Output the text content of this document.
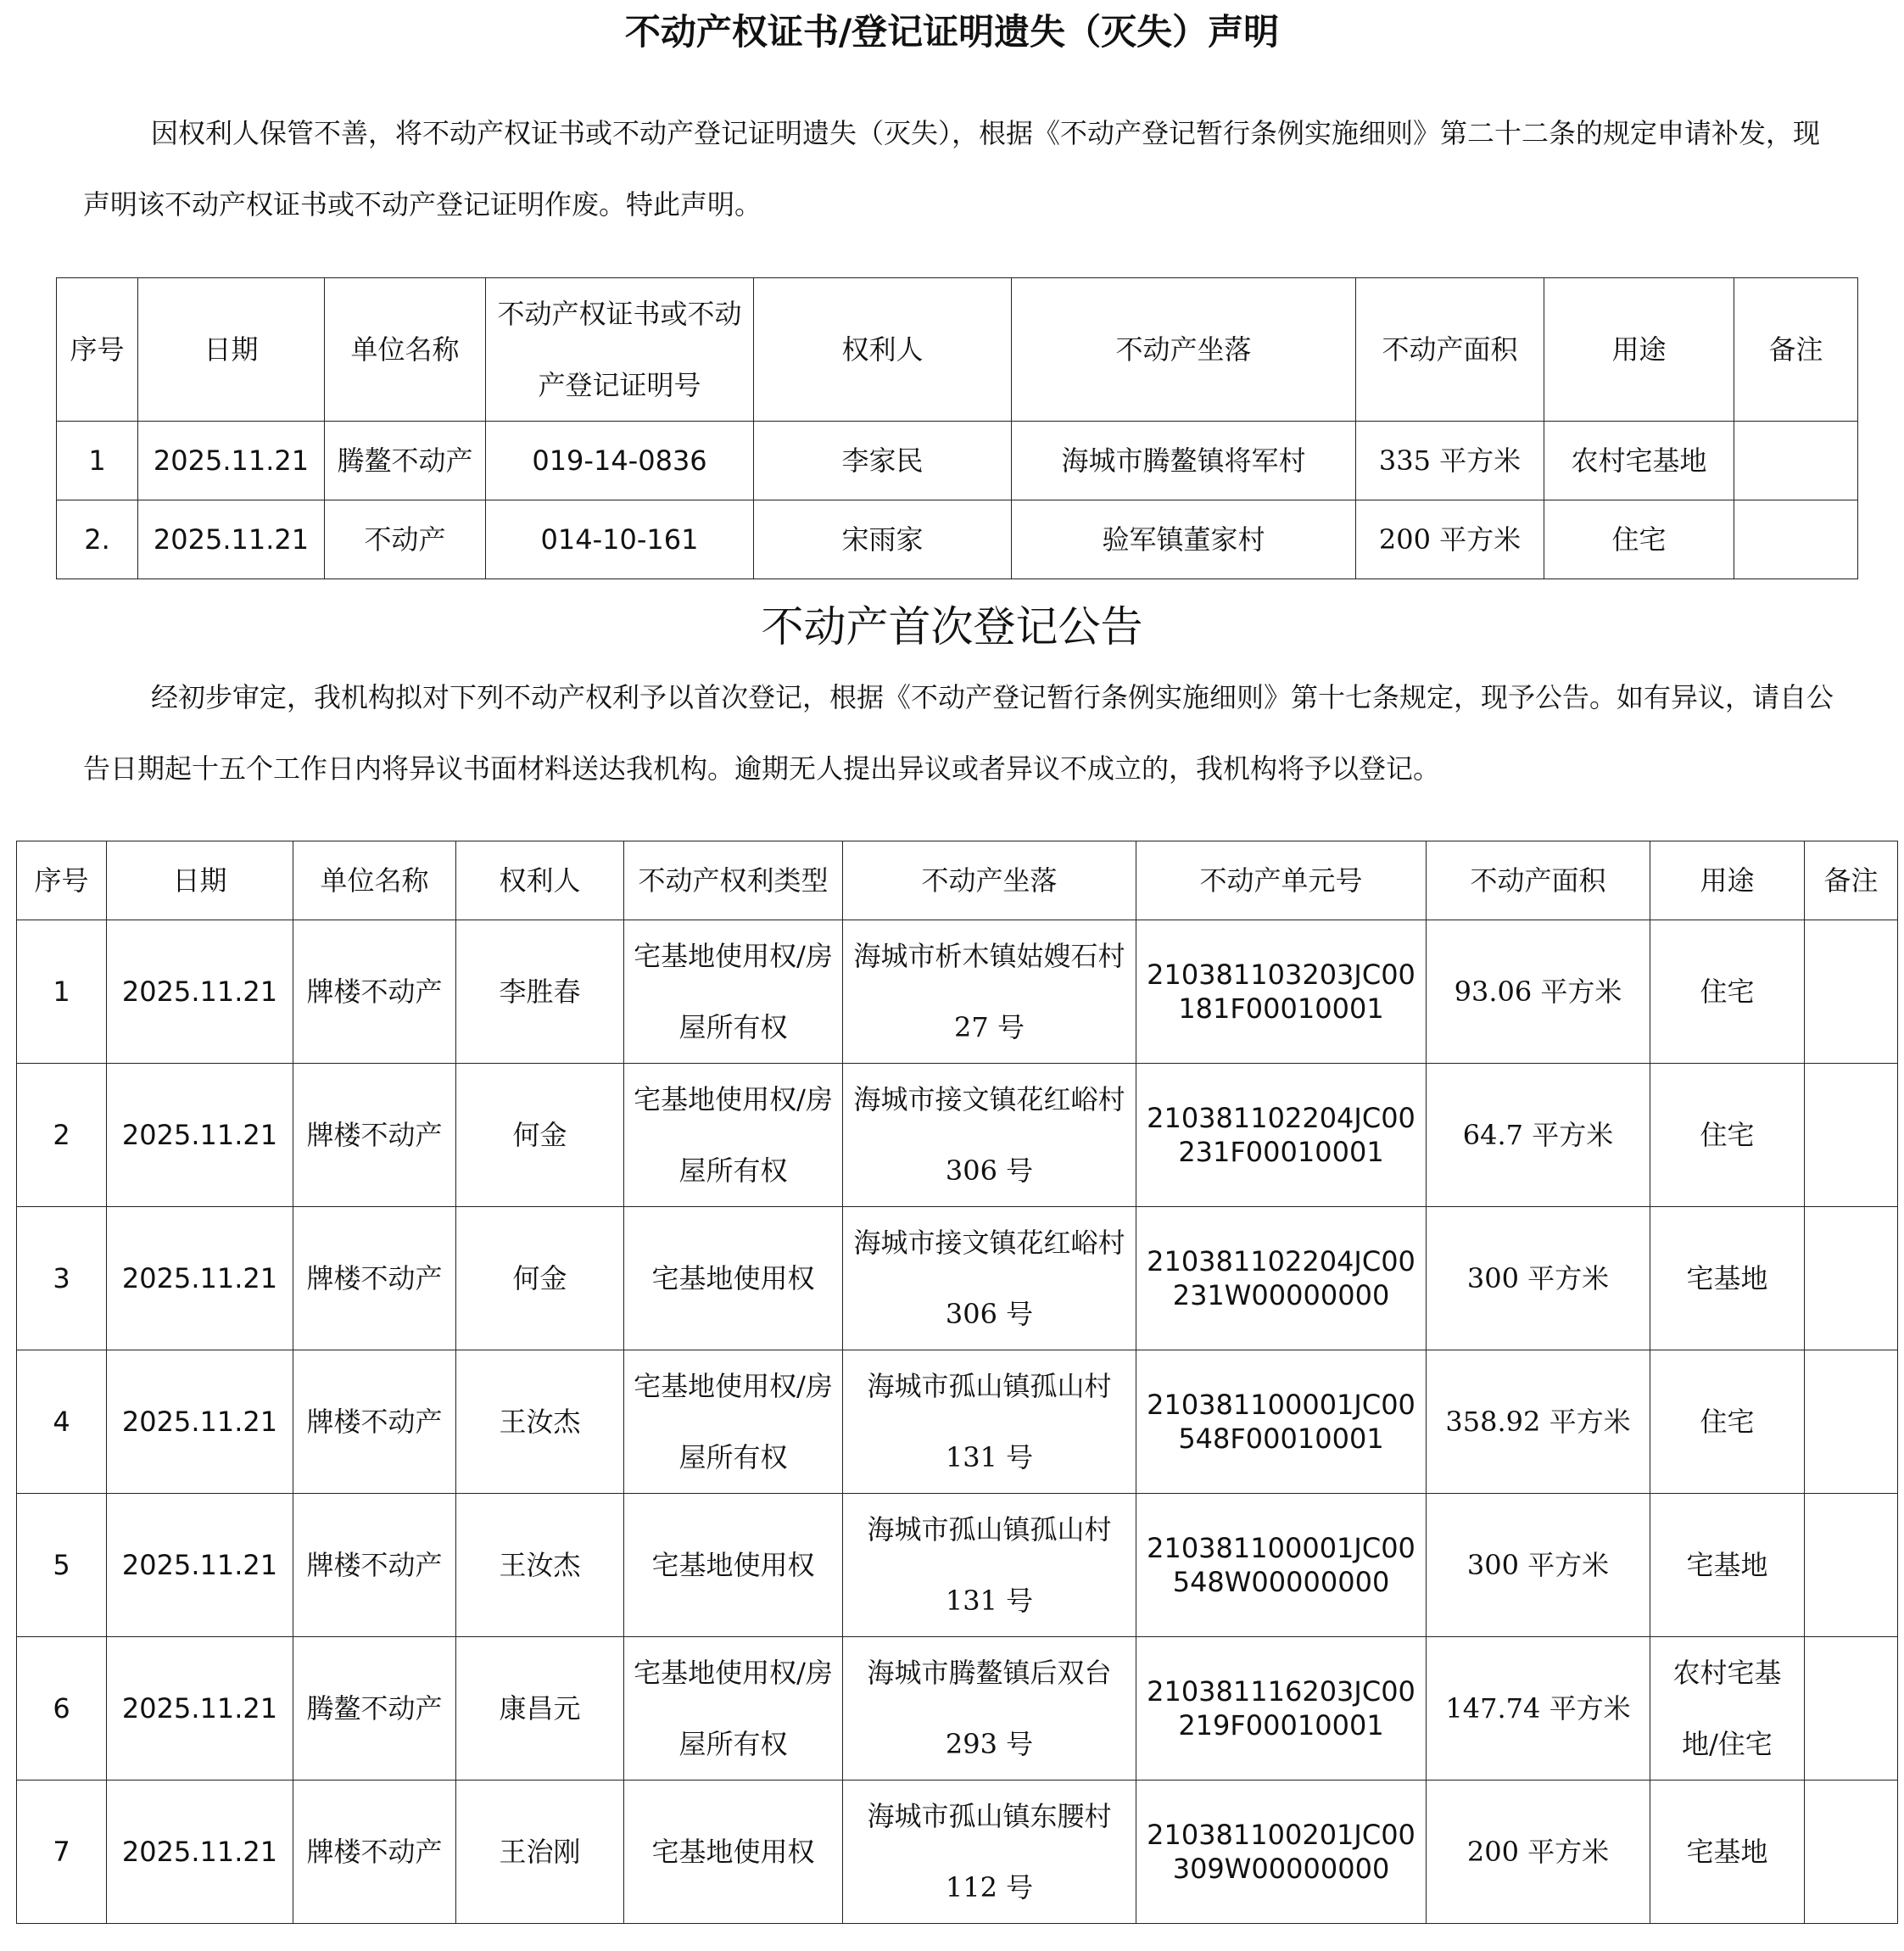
不动产权证书/登记证明遗失（灭失）声明

因权利人保管不善，将不动产权证书或不动产登记证明遗失（灭失），根据《不动产登记暂行条例实施细则》第二十二条的规定申请补发，现声明该不动产权证书或不动产登记证明作废。特此声明。

序号	日期	单位名称	不动产权证书或不动产登记证明号	权利人	不动产坐落	不动产面积	用途	备注
1	2025.11.21	腾鳌不动产	019-14-0836	李家民	海城市腾鳌镇将军村	335 平方米	农村宅基地	
2.	2025.11.21	不动产	014-10-161	宋雨家	验军镇董家村	200 平方米	住宅	
不动产首次登记公告

经初步审定，我机构拟对下列不动产权利予以首次登记，根据《不动产登记暂行条例实施细则》第十七条规定，现予公告。如有异议，请自公告日期起十五个工作日内将异议书面材料送达我机构。逾期无人提出异议或者异议不成立的，我机构将予以登记。

序号	日期	单位名称	权利人	不动产权利类型	不动产坐落	不动产单元号	不动产面积	用途	备注
1	2025.11.21	牌楼不动产	李胜春	宅基地使用权/房屋所有权	海城市析木镇姑嫂石村 27 号	210381103203JC00181F00010001	93.06 平方米	住宅	
2	2025.11.21	牌楼不动产	何金	宅基地使用权/房屋所有权	海城市接文镇花红峪村 306 号	210381102204JC00231F00010001	64.7 平方米	住宅	
3	2025.11.21	牌楼不动产	何金	宅基地使用权	海城市接文镇花红峪村 306 号	210381102204JC00231W00000000	300 平方米	宅基地	
4	2025.11.21	牌楼不动产	王汝杰	宅基地使用权/房屋所有权	海城市孤山镇孤山村 131 号	210381100001JC00548F00010001	358.92 平方米	住宅	
5	2025.11.21	牌楼不动产	王汝杰	宅基地使用权	海城市孤山镇孤山村 131 号	210381100001JC00548W00000000	300 平方米	宅基地	
6	2025.11.21	腾鳌不动产	康昌元	宅基地使用权/房屋所有权	海城市腾鳌镇后双台 293 号	210381116203JC00219F00010001	147.74 平方米	农村宅基地/住宅	
7	2025.11.21	牌楼不动产	王治刚	宅基地使用权	海城市孤山镇东腰村 112 号	210381100201JC00309W00000000	200 平方米	宅基地	
